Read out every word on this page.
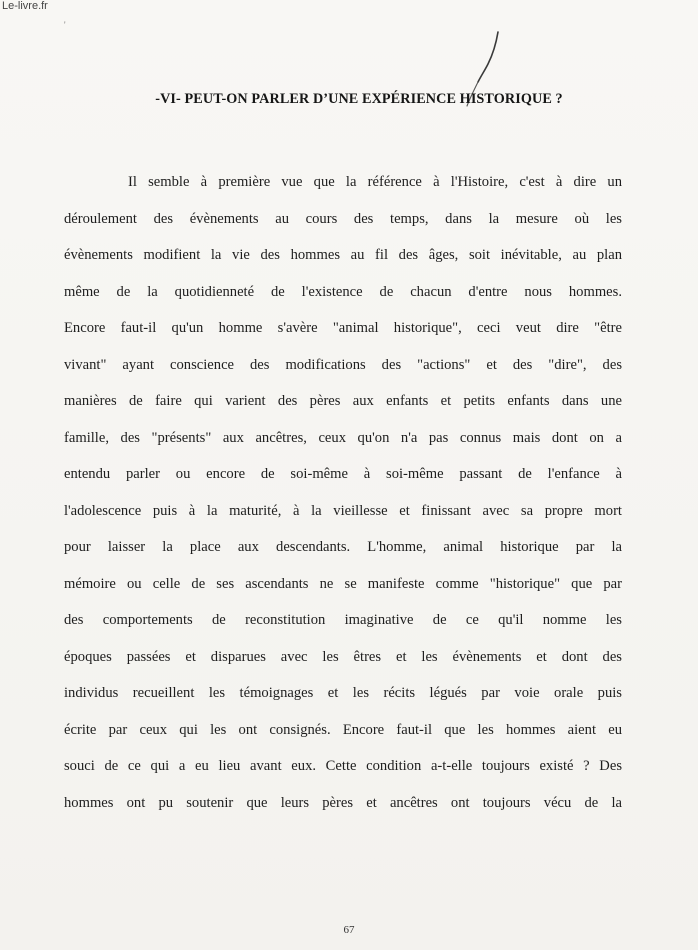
Le-livre.fr
'
-VI- PEUT-ON PARLER D’UNE EXPÉRIENCE HISTORIQUE ?
Il semble à première vue que la référence à l'Histoire, c'est à dire un
déroulement des évènements au cours des temps, dans la mesure où les
évènements modifient la vie des hommes au fil des âges, soit inévitable, au plan
même de la quotidienneté de l'existence de chacun d'entre nous hommes.
Encore faut-il qu'un homme s'avère "animal historique", ceci veut dire "être
vivant" ayant conscience des modifications des "actions" et des "dire", des
manières de faire qui varient des pères aux enfants et petits enfants dans une
famille, des "présents" aux ancêtres, ceux qu'on n'a pas connus mais dont on a
entendu parler ou encore de soi-même à soi-même passant de l'enfance à
l'adolescence puis à la maturité, à la vieillesse et finissant avec sa propre mort
pour laisser la place aux descendants. L'homme, animal historique par la
mémoire ou celle de ses ascendants ne se manifeste comme "historique" que par
des comportements de reconstitution imaginative de ce qu'il nomme les
époques passées et disparues avec les êtres et les évènements et dont des
individus recueillent les témoignages et les récits légués par voie orale puis
écrite par ceux qui les ont consignés. Encore faut-il que les hommes aient eu
souci de ce qui a eu lieu avant eux. Cette condition a-t-elle toujours existé ? Des
hommes ont pu soutenir que leurs pères et ancêtres ont toujours vécu de la
67
